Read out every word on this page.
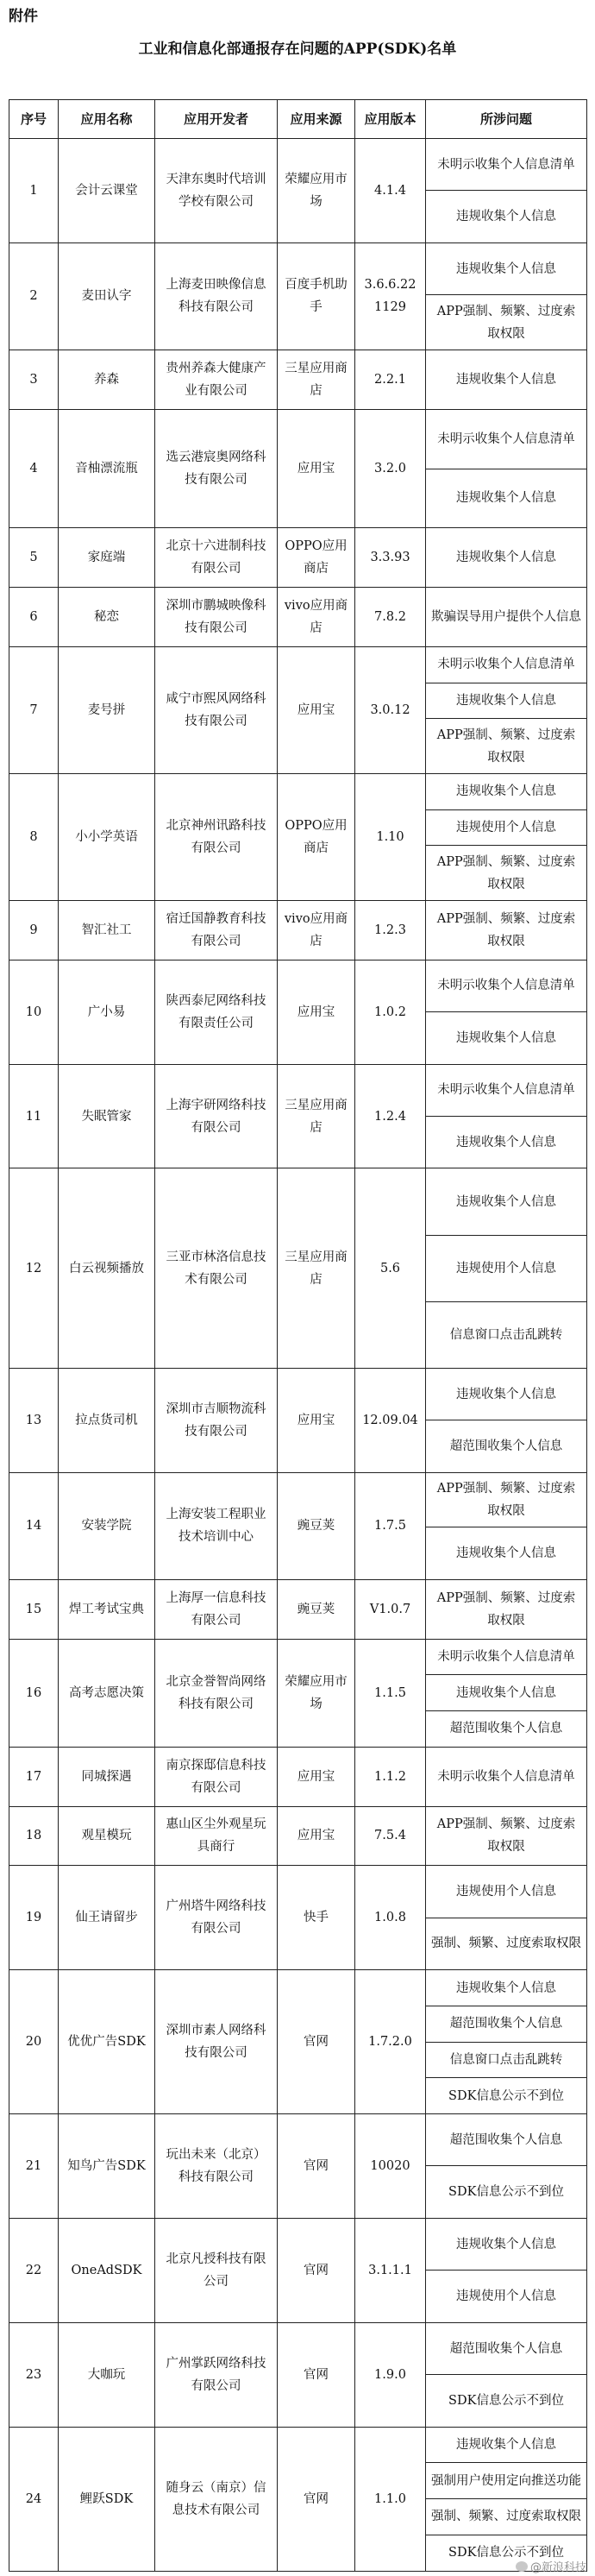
附件
工业和信息化部通报存在问题的APP(SDK)名单
序号	应用名称	应用开发者	应用来源	应用版本	所涉问题
1	会计云课堂	天津东奥时代培训学校有限公司	荣耀应用市场	4.1.4	未明示收集个人信息清单
					违规收集个人信息
2	麦田认字	上海麦田映像信息科技有限公司	百度手机助手	3.6.6.221129	违规收集个人信息
					APP强制、频繁、过度索取权限
3	养森	贵州养森大健康产业有限公司	三星应用商店	2.2.1	违规收集个人信息
4	音柚漂流瓶	选云港宸奥网络科技有限公司	应用宝	3.2.0	未明示收集个人信息清单
					违规收集个人信息
5	家庭端	北京十六进制科技有限公司	OPPO应用商店	3.3.93	违规收集个人信息
6	秘恋	深圳市鹏城映像科技有限公司	vivo应用商店	7.8.2	欺骗误导用户提供个人信息
7	麦号拼	咸宁市熙风网络科技有限公司	应用宝	3.0.12	未明示收集个人信息清单
					违规收集个人信息
					APP强制、频繁、过度索取权限
8	小小学英语	北京神州讯路科技有限公司	OPPO应用商店	1.10	违规收集个人信息
					违规使用个人信息
					APP强制、频繁、过度索取权限
9	智汇社工	宿迁国静教育科技有限公司	vivo应用商店	1.2.3	APP强制、频繁、过度索取权限
10	广小易	陕西泰尼网络科技有限责任公司	应用宝	1.0.2	未明示收集个人信息清单
					违规收集个人信息
11	失眠管家	上海宇研网络科技有限公司	三星应用商店	1.2.4	未明示收集个人信息清单
					违规收集个人信息
12	白云视频播放	三亚市林洛信息技术有限公司	三星应用商店	5.6	违规收集个人信息
					违规使用个人信息
					信息窗口点击乱跳转
13	拉点货司机	深圳市吉顺物流科技有限公司	应用宝	12.09.04	违规收集个人信息
					超范围收集个人信息
14	安装学院	上海安装工程职业技术培训中心	豌豆荚	1.7.5	APP强制、频繁、过度索取权限
					违规收集个人信息
15	焊工考试宝典	上海厚一信息科技有限公司	豌豆荚	V1.0.7	APP强制、频繁、过度索取权限
16	高考志愿决策	北京金誉智尚网络科技有限公司	荣耀应用市场	1.1.5	未明示收集个人信息清单
					违规收集个人信息
					超范围收集个人信息
17	同城探遇	南京探邸信息科技有限公司	应用宝	1.1.2	未明示收集个人信息清单
18	观星模玩	惠山区尘外观星玩具商行	应用宝	7.5.4	APP强制、频繁、过度索取权限
19	仙王请留步	广州塔牛网络科技有限公司	快手	1.0.8	违规使用个人信息
					强制、频繁、过度索取权限
20	优优广告SDK	深圳市素人网络科技有限公司	官网	1.7.2.0	违规收集个人信息
					超范围收集个人信息
					信息窗口点击乱跳转
					SDK信息公示不到位
21	知鸟广告SDK	玩出未来（北京）科技有限公司	官网	10020	超范围收集个人信息
					SDK信息公示不到位
22	OneAdSDK	北京凡授科技有限公司	官网	3.1.1.1	违规收集个人信息
					违规使用个人信息
23	大咖玩	广州掌跃网络科技有限公司	官网	1.9.0	超范围收集个人信息
					SDK信息公示不到位
24	鲤跃SDK	随身云（南京）信息技术有限公司	官网	1.1.0	违规收集个人信息
					强制用户使用定向推送功能
					强制、频繁、过度索取权限
					SDK信息公示不到位
@新浪科技
